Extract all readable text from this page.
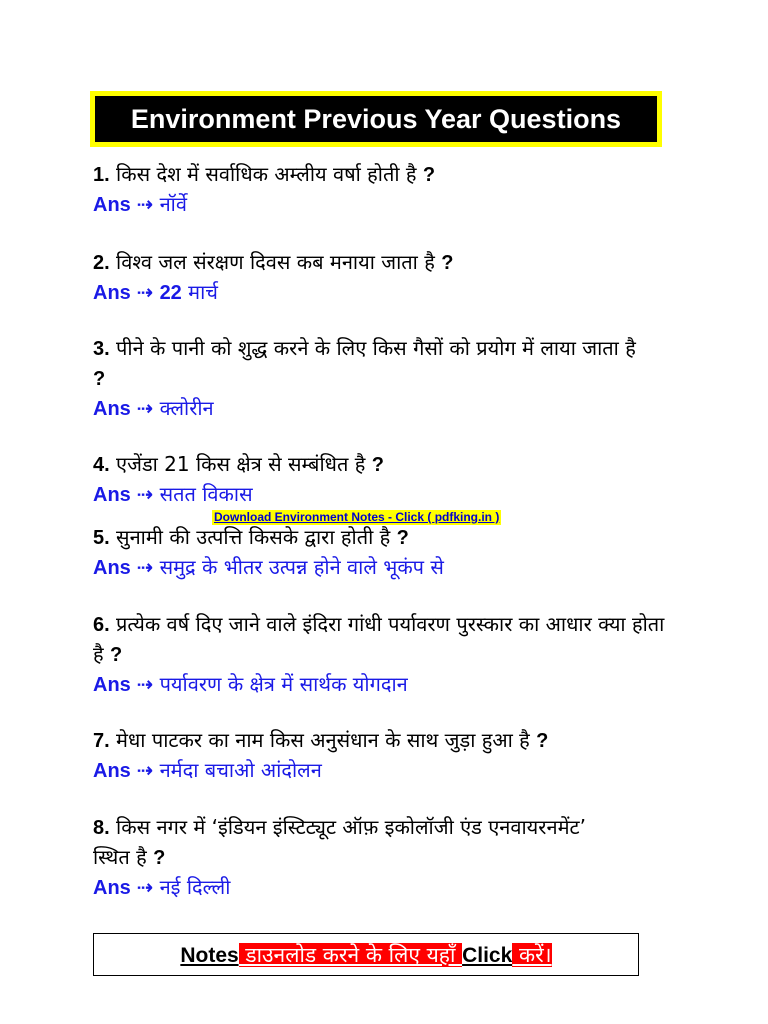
Environment Previous Year Questions

1. किस देश में सर्वाधिक अम्लीय वर्षा होती है ?

Ans ⇢ नॉर्वे

2. विश्व जल संरक्षण दिवस कब मनाया जाता है ?

Ans ⇢ 22 मार्च

3. पीने के पानी को शुद्ध करने के लिए किस गैसों को प्रयोग में लाया जाता है ?

Ans ⇢ क्लोरीन

4. एजेंडा 21 किस क्षेत्र से सम्बंधित है ?

Ans ⇢ सतत विकास

Download Environment Notes - Click ( pdfking.in )

5. सुनामी की उत्पत्ति किसके द्वारा होती है ?

Ans ⇢ समुद्र के भीतर उत्पन्न होने वाले भूकंप से

6. प्रत्येक वर्ष दिए जाने वाले इंदिरा गांधी पर्यावरण पुरस्कार का आधार क्या होता है ?

Ans ⇢ पर्यावरण के क्षेत्र में सार्थक योगदान

7. मेधा पाटकर का नाम किस अनुसंधान के साथ जुड़ा हुआ है ?

Ans ⇢ नर्मदा बचाओ आंदोलन

8. किस नगर में ‘इंडियन इंस्टिट्यूट ऑफ़ इकोलॉजी एंड एनवायरनमेंट’ स्थित है ?

Ans ⇢ नई दिल्ली

Notes डाउनलोड करने के लिए यहाँ Click करें।
